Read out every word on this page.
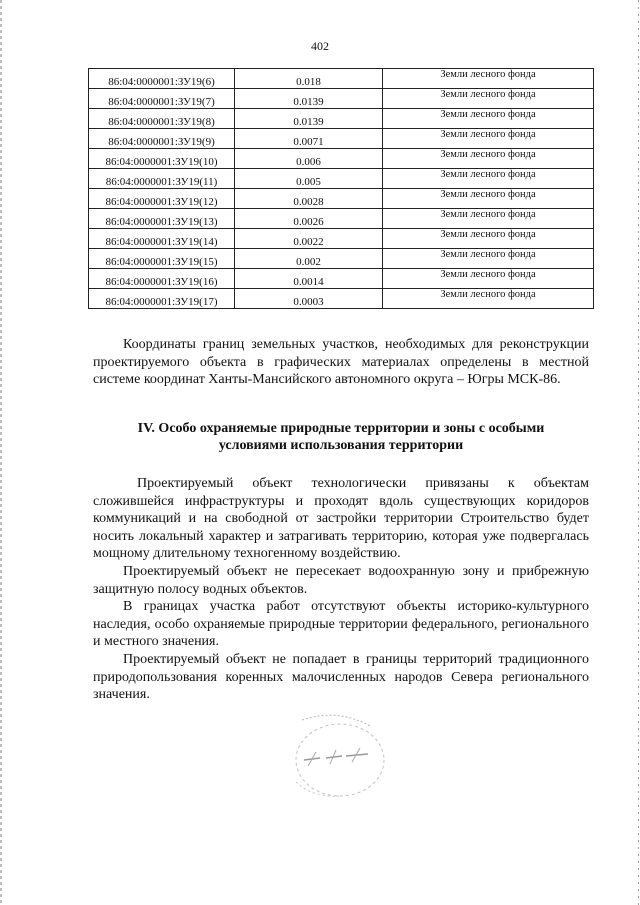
402
86:04:0000001:ЗУ19(6)	0.018	Земли лесного фонда
86:04:0000001:ЗУ19(7)	0.0139	Земли лесного фонда
86:04:0000001:ЗУ19(8)	0.0139	Земли лесного фонда
86:04:0000001:ЗУ19(9)	0.0071	Земли лесного фонда
86:04:0000001:ЗУ19(10)	0.006	Земли лесного фонда
86:04:0000001:ЗУ19(11)	0.005	Земли лесного фонда
86:04:0000001:ЗУ19(12)	0.0028	Земли лесного фонда
86:04:0000001:ЗУ19(13)	0.0026	Земли лесного фонда
86:04:0000001:ЗУ19(14)	0.0022	Земли лесного фонда
86:04:0000001:ЗУ19(15)	0.002	Земли лесного фонда
86:04:0000001:ЗУ19(16)	0.0014	Земли лесного фонда
86:04:0000001:ЗУ19(17)	0.0003	Земли лесного фонда

Координаты границ земельных участков, необходимых для реконструкции проектируемого объекта в графических материалах определены в местной системе координат Ханты-Мансийского автономного округа – Югры МСК-86.

IV. Особо охраняемые природные территории и зоны с особыми
условиями использования территории

Проектируемый объект технологически привязаны к объектам сложившейся инфраструктуры и проходят вдоль существующих коридоров коммуникаций и на свободной от застройки территории Строительство будет носить локальный характер и затрагивать территорию, которая уже подвергалась мощному длительному техногенному воздействию.

Проектируемый объект не пересекает водоохранную зону и прибрежную защитную полосу водных объектов.

В границах участка работ отсутствуют объекты историко-культурного наследия, особо охраняемые природные территории федерального, регионального и местного значения.

Проектируемый объект не попадает в границы территорий традиционного природопользования коренных малочисленных народов Севера регионального значения.
